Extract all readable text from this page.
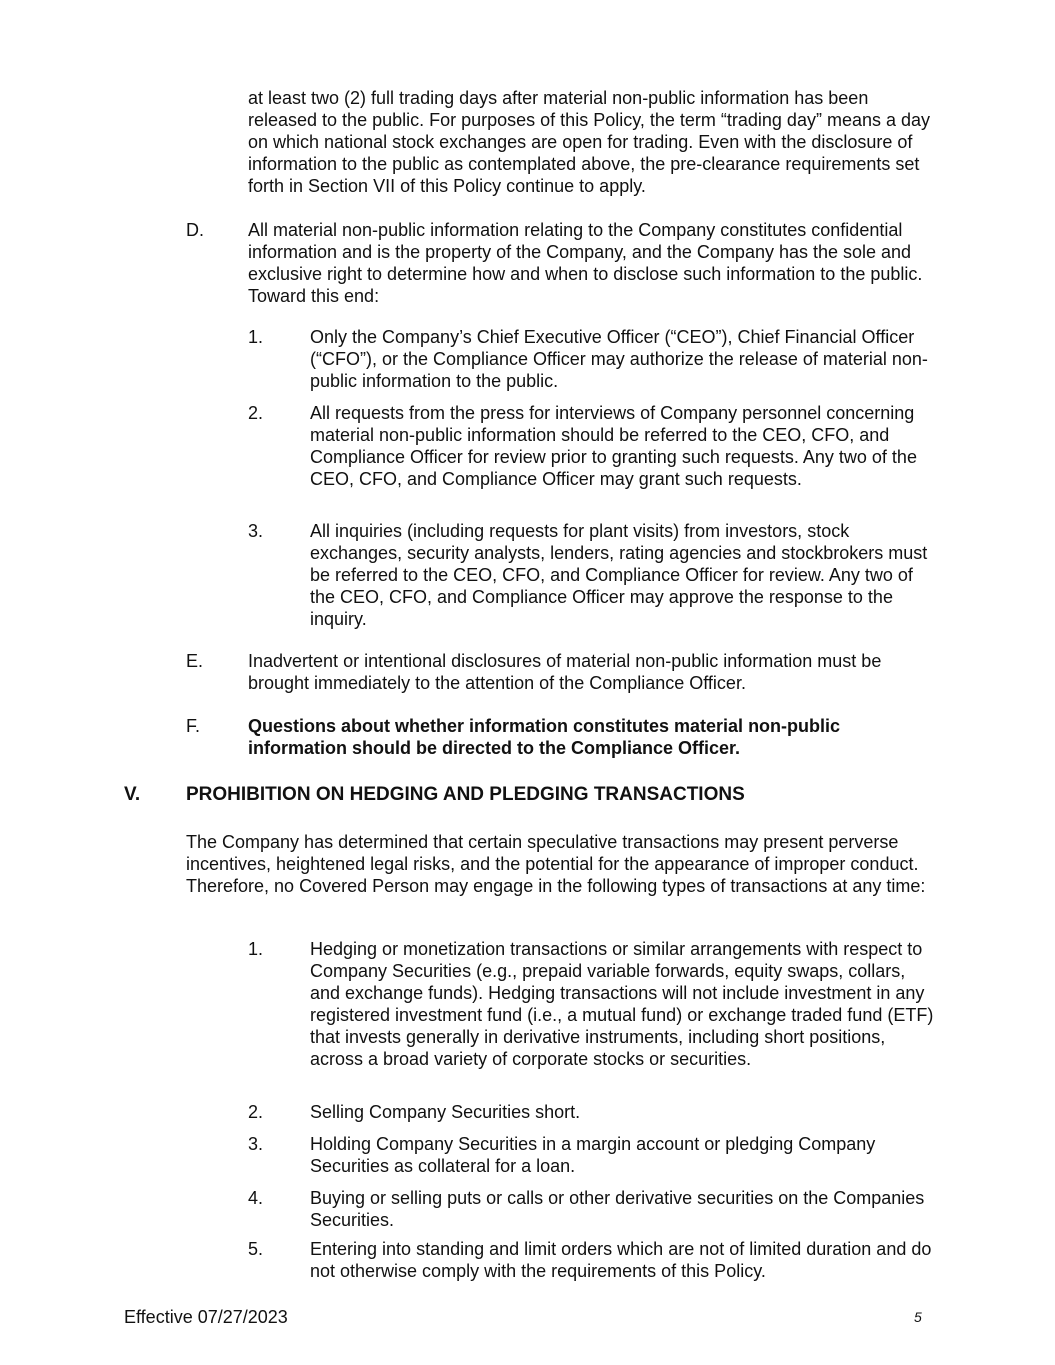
at least two (2) full trading days after material non-public information has been released to the public. For purposes of this Policy, the term “trading day” means a day on which national stock exchanges are open for trading. Even with the disclosure of information to the public as contemplated above, the pre-clearance requirements set forth in Section VII of this Policy continue to apply.

D. All material non-public information relating to the Company constitutes confidential information and is the property of the Company, and the Company has the sole and exclusive right to determine how and when to disclose such information to the public. Toward this end:

1.	Only the Company’s Chief Executive Officer (“CEO”), Chief Financial Officer (“CFO”), or the Compliance Officer may authorize the release of material non-public information to the public.

2.	All requests from the press for interviews of Company personnel concerning material non-public information should be referred to the CEO, CFO, and Compliance Officer for review prior to granting such requests. Any two of the CEO, CFO, and Compliance Officer may grant such requests.

3.	All inquiries (including requests for plant visits) from investors, stock exchanges, security analysts, lenders, rating agencies and stockbrokers must be referred to the CEO, CFO, and Compliance Officer for review. Any two of the CEO, CFO, and Compliance Officer may approve the response to the inquiry.

E. Inadvertent or intentional disclosures of material non-public information must be brought immediately to the attention of the Compliance Officer.

F.	Questions about whether information constitutes material non-public information should be directed to the Compliance Officer.

V. PROHIBITION ON HEDGING AND PLEDGING TRANSACTIONS

The Company has determined that certain speculative transactions may present perverse incentives, heightened legal risks, and the potential for the appearance of improper conduct. Therefore, no Covered Person may engage in the following types of transactions at any time:

1.	Hedging or monetization transactions or similar arrangements with respect to Company Securities (e.g., prepaid variable forwards, equity swaps, collars, and exchange funds). Hedging transactions will not include investment in any registered investment fund (i.e., a mutual fund) or exchange traded fund (ETF) that invests generally in derivative instruments, including short positions, across a broad variety of corporate stocks or securities.

2.	Selling Company Securities short.

3.	Holding Company Securities in a margin account or pledging Company Securities as collateral for a loan.

4.	Buying or selling puts or calls or other derivative securities on the Companies Securities.

5.	Entering into standing and limit orders which are not of limited duration and do not otherwise comply with the requirements of this Policy.

Effective 07/27/2023	5
